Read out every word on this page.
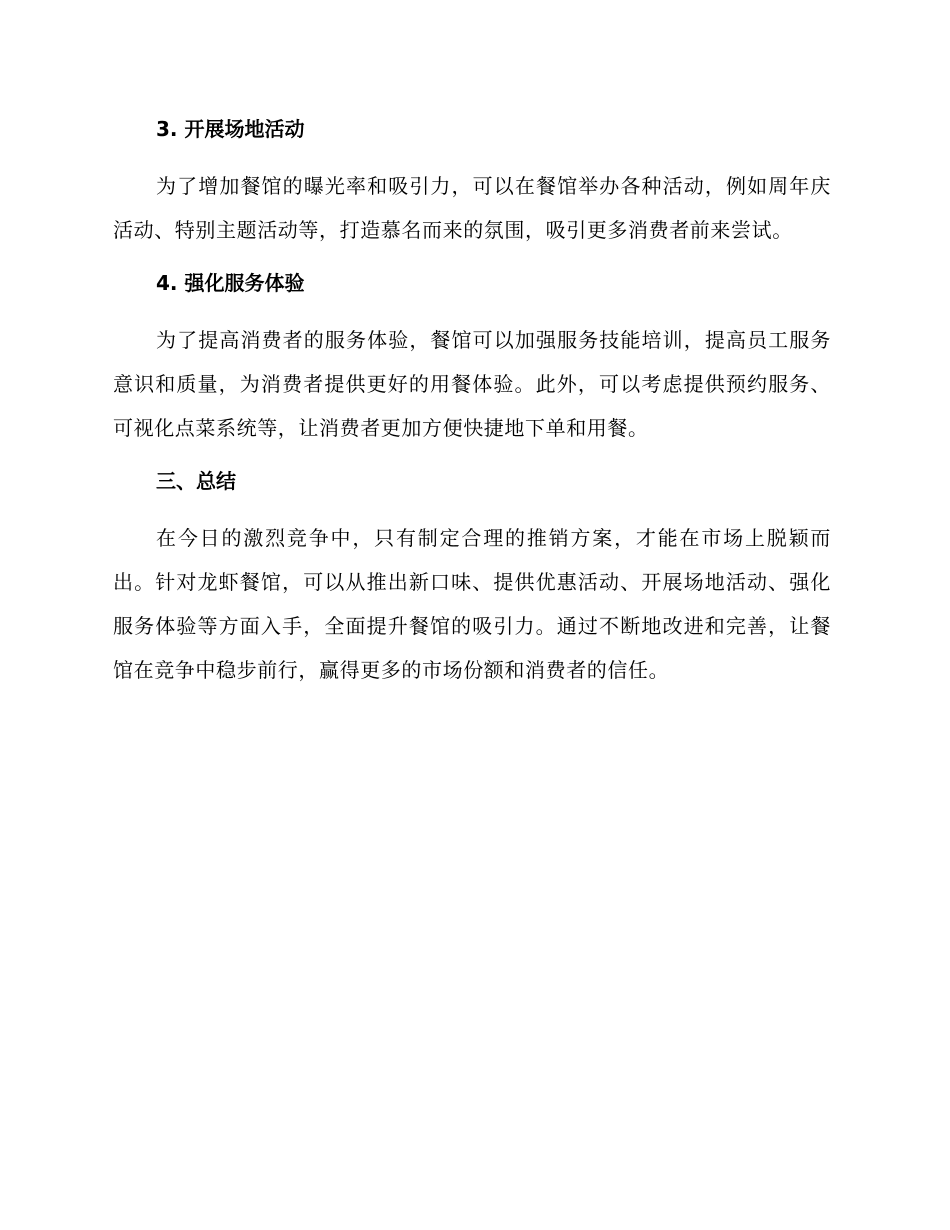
3. 开展场地活动

为了增加餐馆的曝光率和吸引力，可以在餐馆举办各种活动，例如周年庆活动、特别主题活动等，打造慕名而来的氛围，吸引更多消费者前来尝试。

4. 强化服务体验

为了提高消费者的服务体验，餐馆可以加强服务技能培训，提高员工服务意识和质量，为消费者提供更好的用餐体验。此外，可以考虑提供预约服务、可视化点菜系统等，让消费者更加方便快捷地下单和用餐。

三、总结

在今日的激烈竞争中，只有制定合理的推销方案，才能在市场上脱颖而出。针对龙虾餐馆，可以从推出新口味、提供优惠活动、开展场地活动、强化服务体验等方面入手，全面提升餐馆的吸引力。通过不断地改进和完善，让餐馆在竞争中稳步前行，赢得更多的市场份额和消费者的信任。
